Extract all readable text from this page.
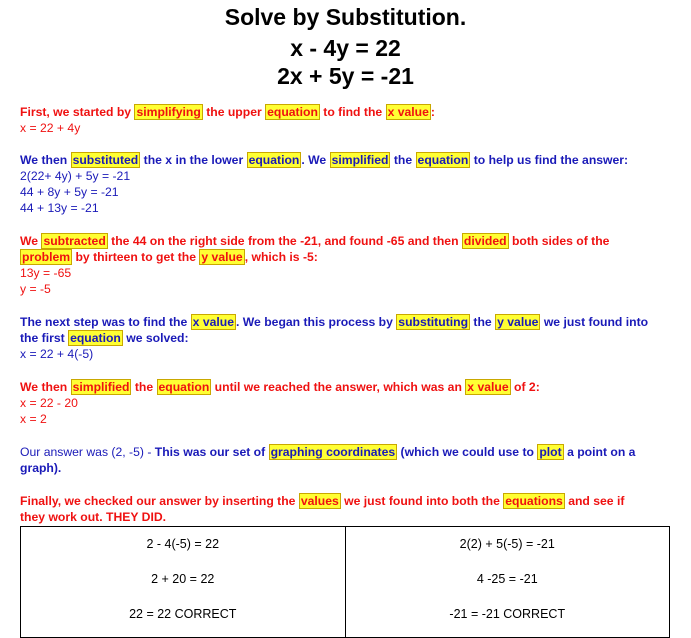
Solve by Substitution.
x - 4y = 22
2x + 5y = -21
First, we started by simplifying the upper equation to find the x value :
x = 22 + 4y
We then substituted the x in the lower equation . We simplified the equation to help us find the answer:
2(22+ 4y) + 5y = -21
44 + 8y + 5y = -21
44 + 13y = -21
We subtracted the 44 on the right side from the -21, and found -65 and then divided both sides of the
problem by thirteen to get the y value , which is -5:
13y = -65
y = -5
The next step was to find the x value . We began this process by substituting the y value we just found into
the first equation we solved:
x = 22 + 4(-5)
We then simplified the equation until we reached the answer, which was an x value of 2:
x = 22 - 20
x = 2
Our answer was (2, -5) - This was our set of graphing coordinates (which we could use to plot a point on a
graph).
Finally, we checked our answer by inserting the values we just found into both the equations and see if
they work out. THEY DID.
2 - 4(-5) = 22
2 + 20 = 22
22 = 22 CORRECT

2(2) + 5(-5) = -21
4 -25 = -21
-21 = -21 CORRECT
